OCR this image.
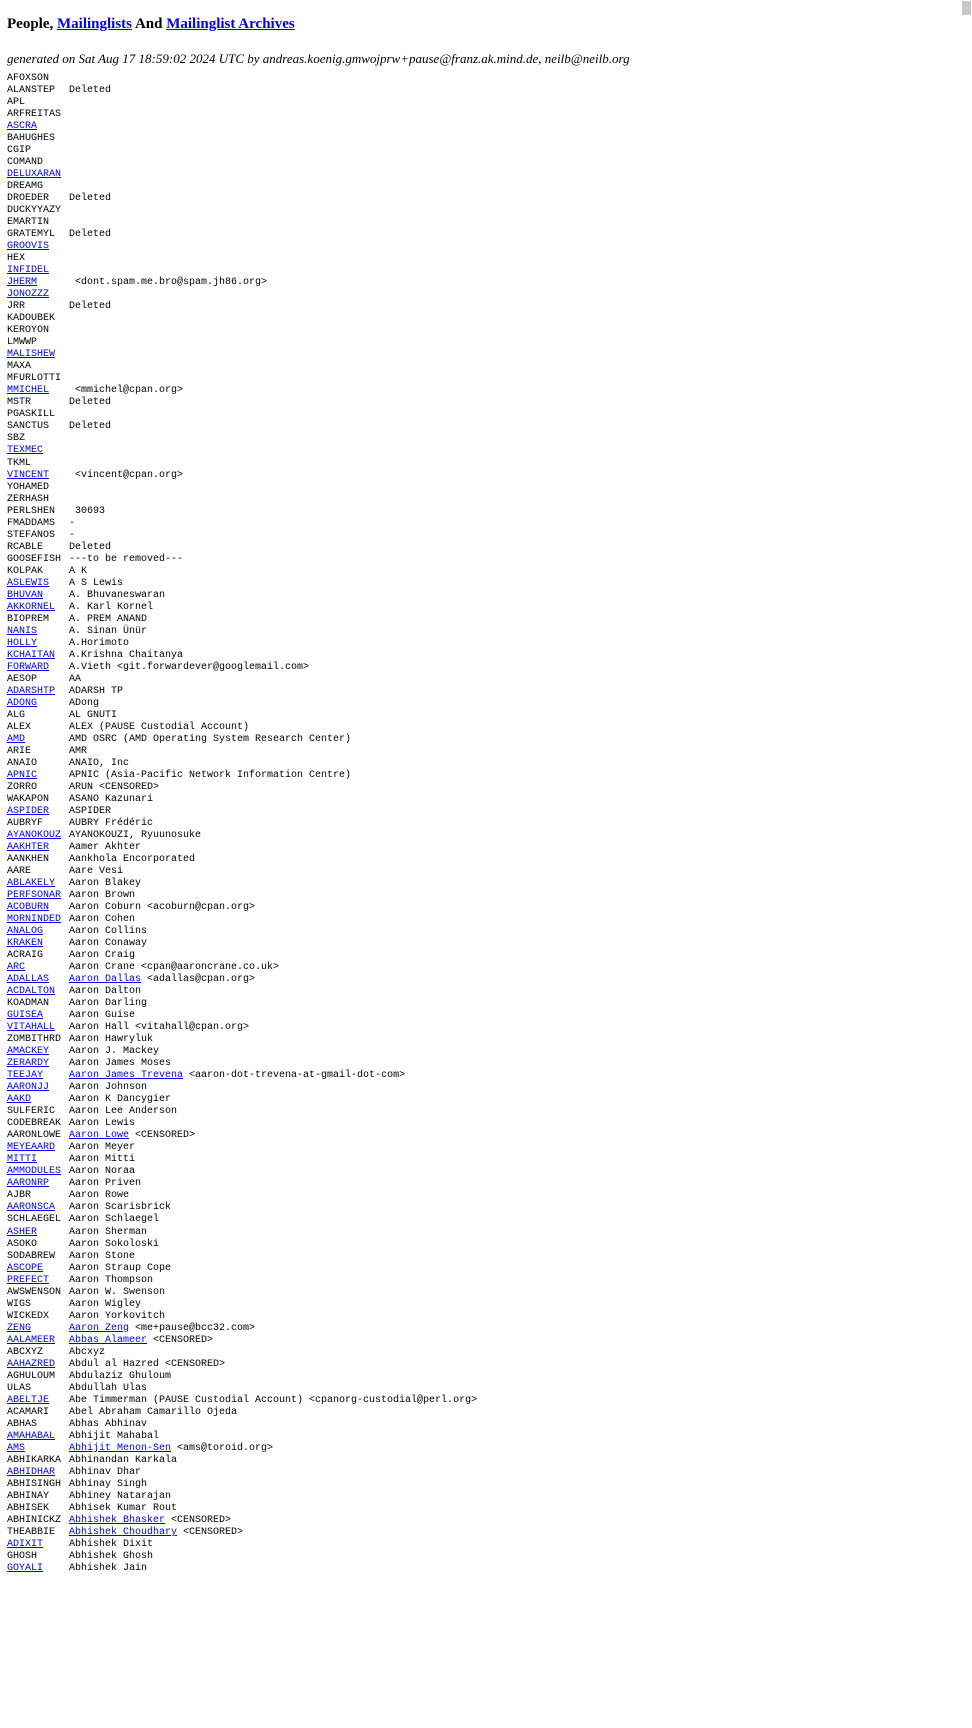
People, Mailinglists And Mailinglist Archives

generated on Sat Aug 17 18:59:02 2024 UTC by andreas.koenig.gmwojprw+pause@franz.ak.mind.de, neilb@neilb.org

AFOXSON
ALANSTEP Deleted
APL
ARFREITAS
ASCRA
BAHUGHES
CGIP
COMAND
DELUXARAN
DREAMG
DROEDER Deleted
DUCKYYAZY
EMARTIN
GRATEMYL Deleted
GROOVIS
HEX
INFIDEL
JHERM	<dont.spam.me.bro@spam.jh86.org>
JONOZZZ
JRR	Deleted
KADOUBEK
KEROYON
LMWWP
MALISHEW
MAXA
MFURLOTTI
MMICHEL <mmichel@cpan.org>
MSTR	Deleted
PGASKILL
SANCTUS Deleted
SBZ
TEXMEC
TKML
VINCENT <vincent@cpan.org>
YOHAMED
ZERHASH
PERLSHEN 30693
FMADDAMS -
STEFANOS -
RCABLE	Deleted
GOOSEFISH ---to be removed---
KOLPAK	A K
ASLEWIS A S Lewis
BHUVAN	A. Bhuvaneswaran
AKKORNEL A. Karl Kornel
BIOPREM A. PREM ANAND
NANIS	A. Sinan Ünür
HOLLY	A.Horimoto
KCHAITAN A.Krishna Chaitanya
FORWARD A.Vieth <git.forwardever@googlemail.com>
AESOP	AA
ADARSHTP ADARSH TP
ADONG	ADong
ALG	AL GNUTI
ALEX	ALEX (PAUSE Custodial Account)
AMD	AMD OSRC (AMD Operating System Research Center)
ARIE	AMR
ANAIO	ANAIO, Inc
APNIC	APNIC (Asia-Pacific Network Information Centre)
ZORRO	ARUN <CENSORED>
WAKAPON ASANO Kazunari
ASPIDER ASPIDER
AUBRYF	AUBRY Frédéric
AYANOKOUZ AYANOKOUZI, Ryuunosuke
AAKHTER Aamer Akhter
AANKHEN Aankhola Encorporated
AARE	Aare Vesi
ABLAKELY Aaron Blakey
PERFSONAR Aaron Brown
ACOBURN Aaron Coburn <acoburn@cpan.org>
MORNINDED Aaron Cohen
ANALOG	Aaron Collins
KRAKEN	Aaron Conaway
ACRAIG	Aaron Craig
ARC	Aaron Crane <cpan@aaroncrane.co.uk>
ADALLAS Aaron Dallas <adallas@cpan.org>
ACDALTON Aaron Dalton
KOADMAN Aaron Darling
GUISEA	Aaron Guise
VITAHALL Aaron Hall <vitahall@cpan.org>
ZOMBITHRD Aaron Hawryluk
AMACKEY Aaron J. Mackey
ZERARDY Aaron James Moses
TEEJAY	Aaron James Trevena <aaron-dot-trevena-at-gmail-dot-com>
AARONJJ Aaron Johnson
AAKD	Aaron K Dancygier
SULFERIC Aaron Lee Anderson
CODEBREAK Aaron Lewis
AARONLOWE Aaron Lowe <CENSORED>
MEYEAARD Aaron Meyer
MITTI	Aaron Mitti
AMMODULES Aaron Noraa
AARONRP Aaron Priven
AJBR	Aaron Rowe
AARONSCA Aaron Scarisbrick
SCHLAEGEL Aaron Schlaegel
ASHER	Aaron Sherman
ASOKO	Aaron Sokoloski
SODABREW Aaron Stone
ASCOPE	Aaron Straup Cope
PREFECT Aaron Thompson
AWSWENSON Aaron W. Swenson
WIGS	Aaron Wigley
WICKEDX Aaron Yorkovitch
ZENG	Aaron Zeng <me+pause@bcc32.com>
AALAMEER Abbas Alameer <CENSORED>
ABCXYZ	Abcxyz
AAHAZRED Abdul al Hazred <CENSORED>
AGHULOUM Abdulaziz Ghuloum
ULAS	Abdullah Ulas
ABELTJE Abe Timmerman (PAUSE Custodial Account) <cpanorg-custodial@perl.org>
ACAMARI Abel Abraham Camarillo Ojeda
ABHAS	Abhas Abhinav
AMAHABAL Abhijit Mahabal
AMS	Abhijit Menon-Sen <ams@toroid.org>
ABHIKARKA Abhinandan Karkala
ABHIDHAR Abhinav Dhar
ABHISINGH Abhinay Singh
ABHINAY Abhiney Natarajan
ABHISEK Abhisek Kumar Rout
ABHINICKZ Abhishek Bhasker <CENSORED>
THEABBIE Abhishek Choudhary <CENSORED>
ADIXIT	Abhishek Dixit
GHOSH	Abhishek Ghosh
GOYALI	Abhishek Jain
